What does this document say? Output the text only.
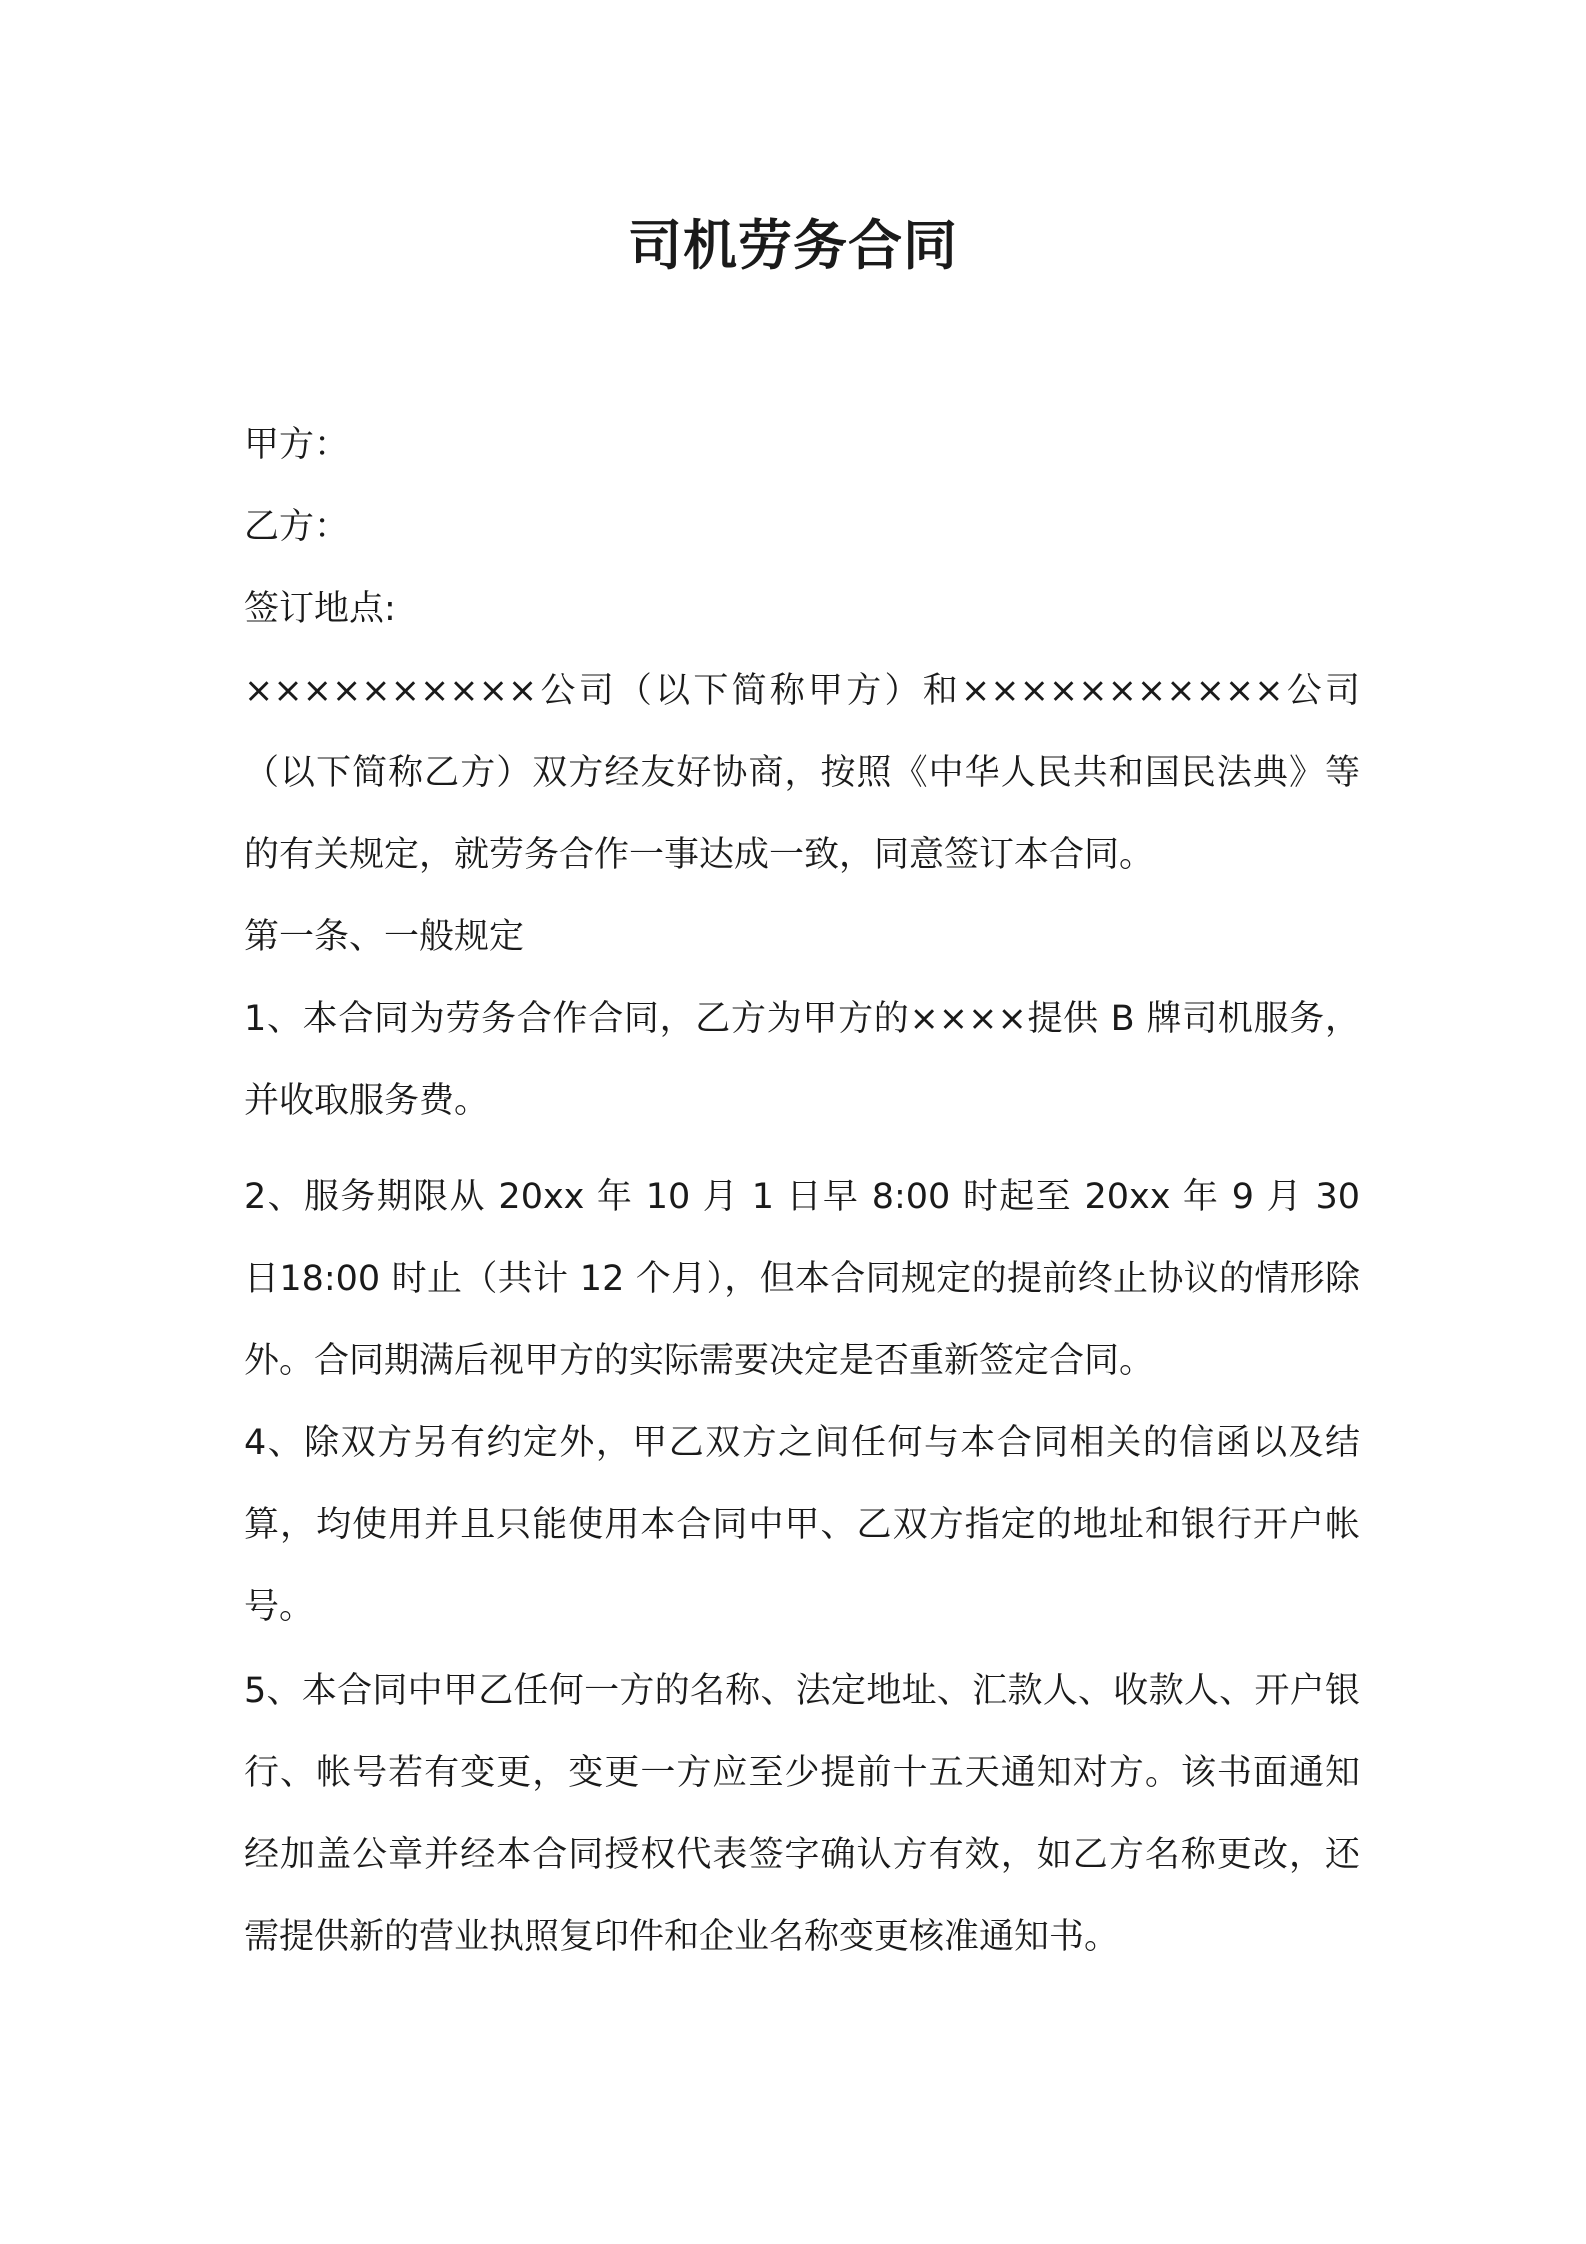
司机劳务合同

甲方：

乙方：

签订地点:

××××××××××公司（以下简称甲方）和×××××××××××公司（以下简称乙方）双方经友好协商，按照《中华人民共和国民法典》等的有关规定，就劳务合作一事达成一致，同意签订本合同。

第一条、一般规定

1、本合同为劳务合作合同，乙方为甲方的××××提供 B 牌司机服务，并收取服务费。

2、服务期限从 20xx 年 10 月 1 日早 8:00 时起至 20xx 年 9 月 30 日18:00 时止（共计 12 个月），但本合同规定的提前终止协议的情形除外。合同期满后视甲方的实际需要决定是否重新签定合同。

4、除双方另有约定外，甲乙双方之间任何与本合同相关的信函以及结算，均使用并且只能使用本合同中甲、乙双方指定的地址和银行开户帐号。

5、本合同中甲乙任何一方的名称、法定地址、汇款人、收款人、开户银行、帐号若有变更，变更一方应至少提前十五天通知对方。该书面通知经加盖公章并经本合同授权代表签字确认方有效，如乙方名称更改，还需提供新的营业执照复印件和企业名称变更核准通知书。
